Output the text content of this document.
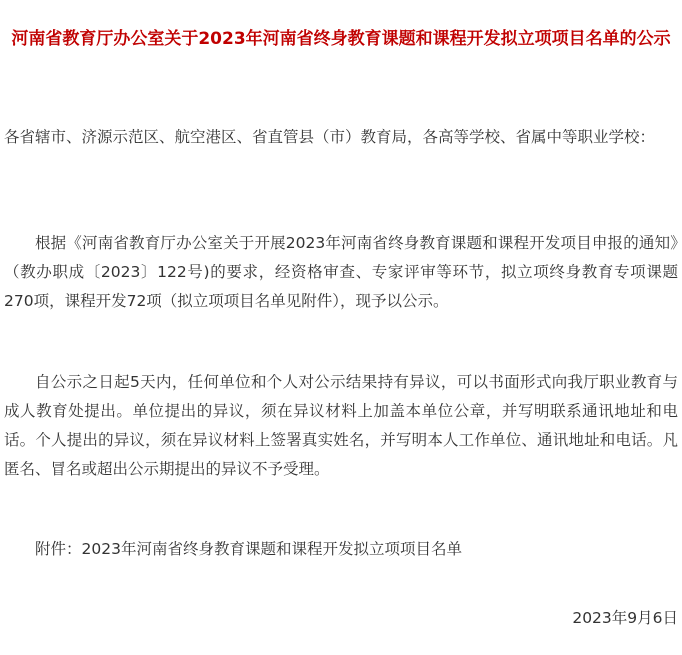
河南省教育厅办公室关于2023年河南省终身教育课题和课程开发拟立项项目名单的公示

各省辖市、济源示范区、航空港区、省直管县（市）教育局，各高等学校、省属中等职业学校：

根据《河南省教育厅办公室关于开展2023年河南省终身教育课题和课程开发项目申报的通知》（教办职成〔2023〕122号)的要求，经资格审查、专家评审等环节，拟立项终身教育专项课题270项，课程开发72项（拟立项项目名单见附件），现予以公示。

自公示之日起5天内，任何单位和个人对公示结果持有异议，可以书面形式向我厅职业教育与成人教育处提出。单位提出的异议，须在异议材料上加盖本单位公章，并写明联系通讯地址和电话。个人提出的异议，须在异议材料上签署真实姓名，并写明本人工作单位、通讯地址和电话。凡匿名、冒名或超出公示期提出的异议不予受理。

附件：2023年河南省终身教育课题和课程开发拟立项项目名单

2023年9月6日
